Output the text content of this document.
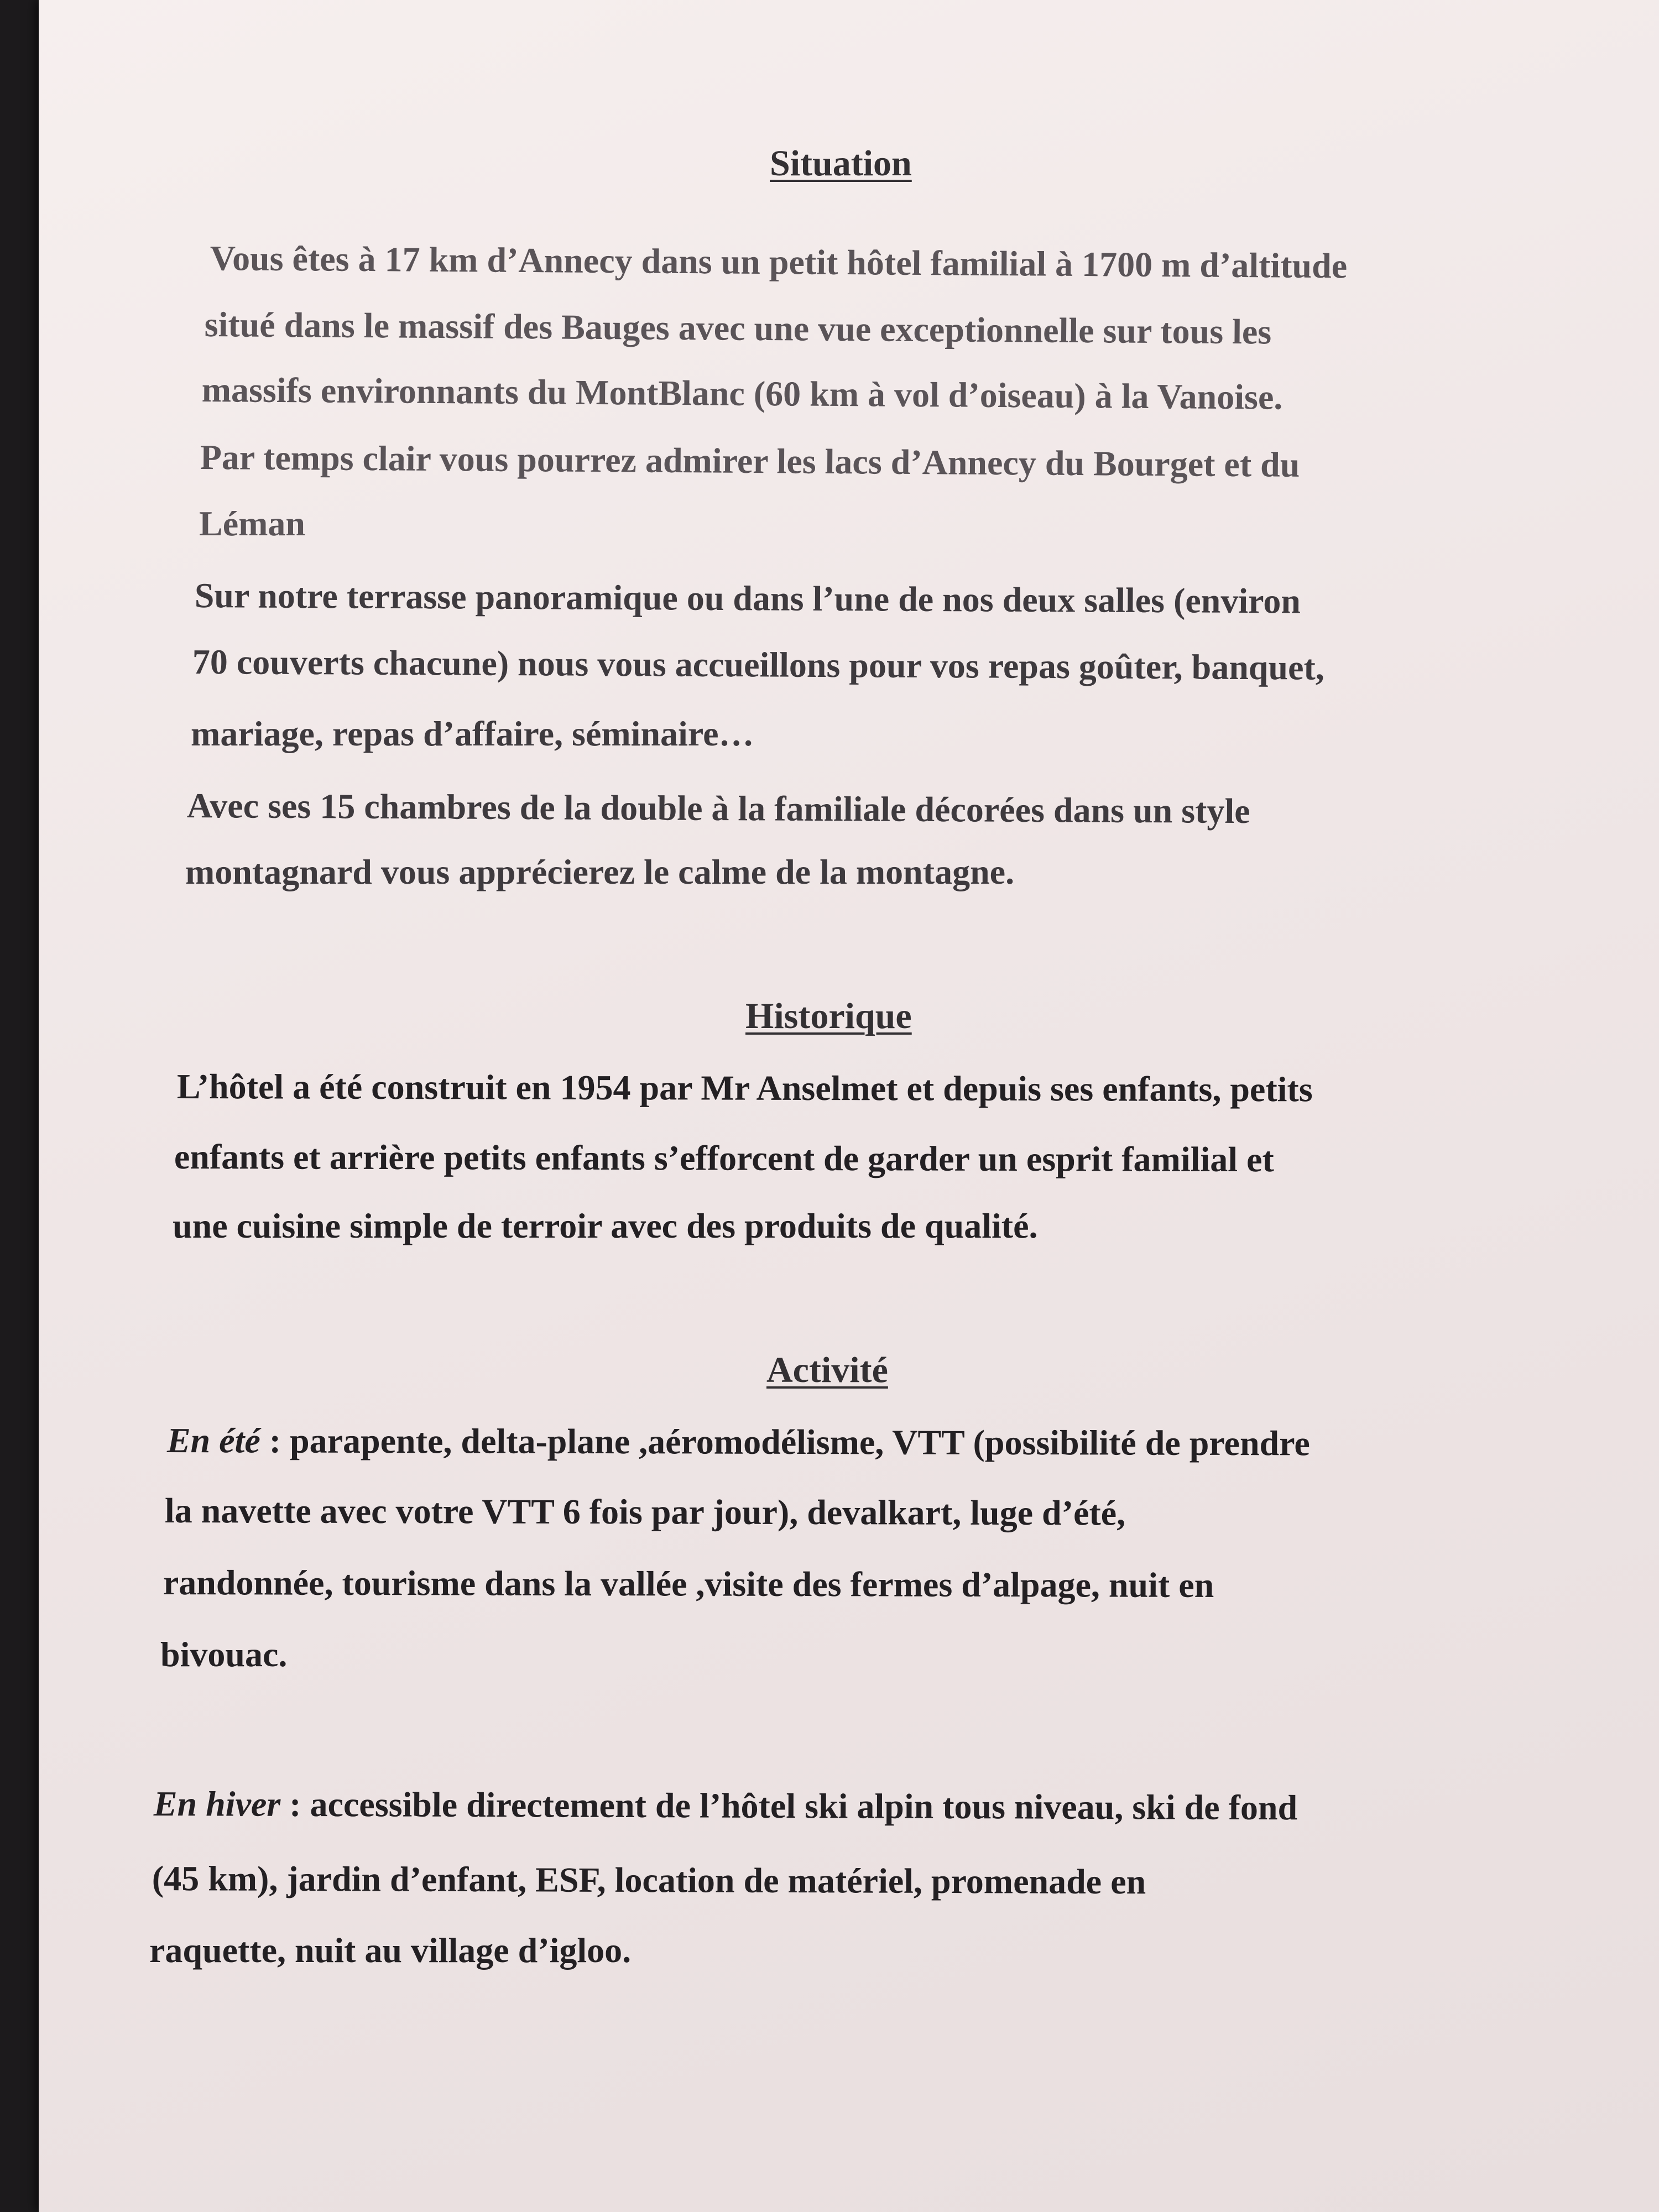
Situation

Vous êtes à 17 km d’Annecy dans un petit hôtel familial à 1700 m d’altitude

situé dans le massif des Bauges avec une vue exceptionnelle sur tous les

massifs environnants du MontBlanc (60 km à vol d’oiseau) à la Vanoise.

Par temps clair vous pourrez admirer les lacs d’Annecy du Bourget et du

Léman

Sur notre terrasse panoramique ou dans l’une de nos deux salles (environ

70 couverts chacune) nous vous accueillons pour vos repas goûter, banquet,

mariage, repas d’affaire, séminaire…

Avec ses 15 chambres de la double à la familiale décorées dans un style

montagnard vous apprécierez le calme de la montagne.

Historique

L’hôtel a été construit en 1954 par Mr Anselmet et depuis ses enfants, petits

enfants et arrière petits enfants s’efforcent de garder un esprit familial et

une cuisine simple de terroir avec des produits de qualité.

Activité

En été : parapente, delta-plane ,aéromodélisme, VTT (possibilité de prendre

la navette avec votre VTT 6 fois par jour), devalkart, luge d’été,

randonnée, tourisme dans la vallée ,visite des fermes d’alpage, nuit en

bivouac.

En hiver : accessible directement de l’hôtel ski alpin tous niveau, ski de fond

(45 km), jardin d’enfant, ESF, location de matériel, promenade en

raquette, nuit au village d’igloo.
